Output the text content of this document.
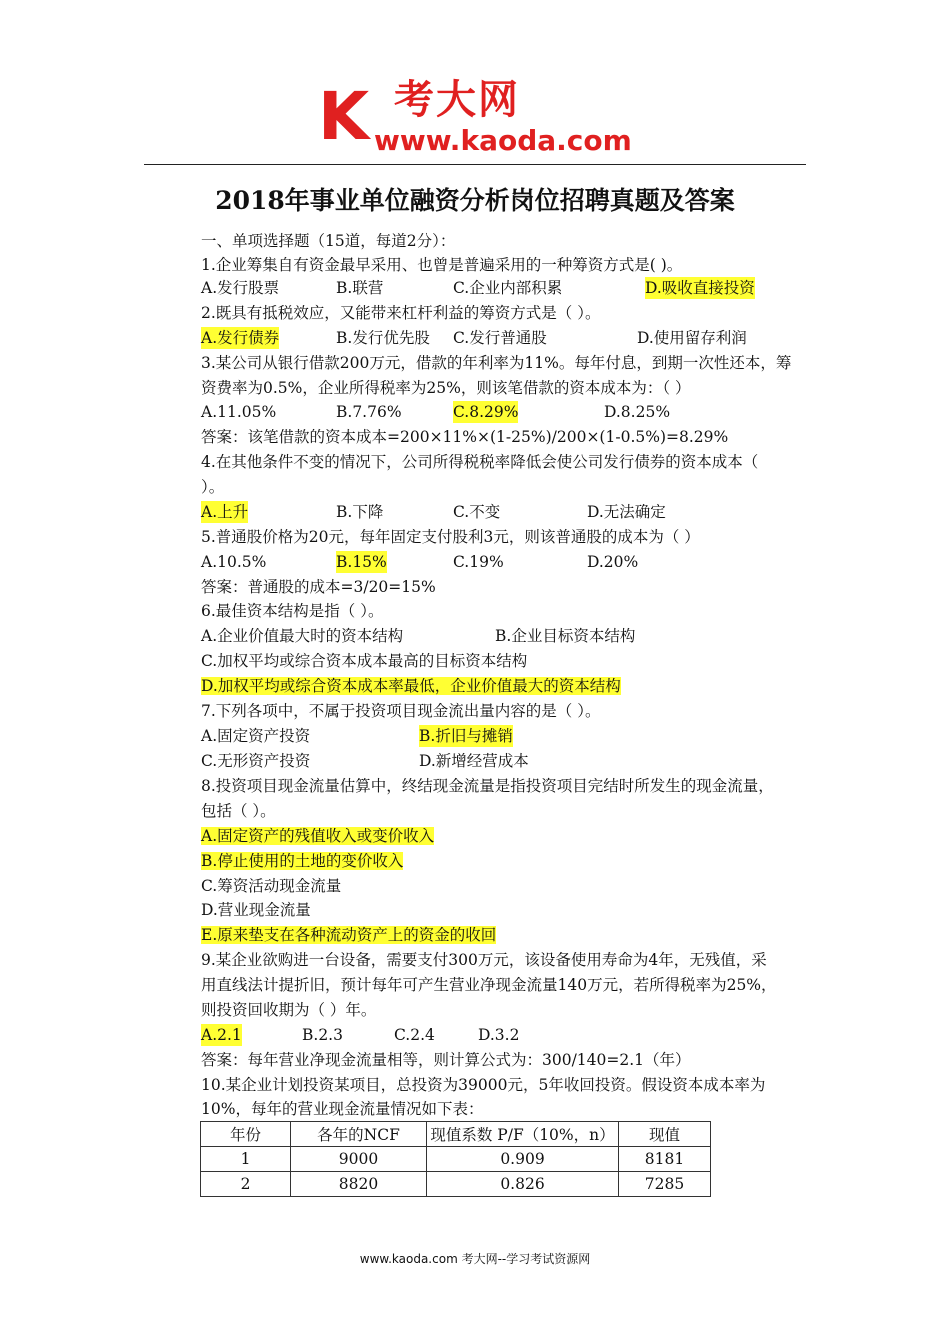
K 考大网
www.kaoda.com
2018年事业单位融资分析岗位招聘真题及答案
一、单项选择题（15道，每道2分）：
1.企业筹集自有资金最早采用、也曾是普遍采用的一种筹资方式是( )。
A.发行股票	B.联营	C.企业内部积累	D.吸收直接投资
2.既具有抵税效应，又能带来杠杆利益的筹资方式是（ ）。
A.发行债券	B.发行优先股 C.发行普通股	D.使用留存利润
3.某公司从银行借款200万元，借款的年利率为11%。每年付息，到期一次性还本，筹
资费率为0.5%，企业所得税率为25%，则该笔借款的资本成本为：（ ）
A.11.05%	B.7.76%	C.8.29%	D.8.25%
答案：该笔借款的资本成本=200×11%×(1-25%)/200×(1-0.5%)=8.29%
4.在其他条件不变的情况下，公司所得税税率降低会使公司发行债券的资本成本（
）。
A.上升	B.下降	C.不变	D.无法确定
5.普通股价格为20元，每年固定支付股利3元，则该普通股的成本为（ ）
A.10.5%	B.15%	C.19%	D.20%
答案：普通股的成本=3/20=15%
6.最佳资本结构是指（ ）。
A.企业价值最大时的资本结构	B.企业目标资本结构
C.加权平均或综合资本成本最高的目标资本结构
D.加权平均或综合资本成本率最低，企业价值最大的资本结构
7.下列各项中，不属于投资项目现金流出量内容的是（ ）。
A.固定资产投资	B.折旧与摊销
C.无形资产投资	D.新增经营成本
8.投资项目现金流量估算中，终结现金流量是指投资项目完结时所发生的现金流量，
包括（ ）。
A.固定资产的残值收入或变价收入
B.停止使用的土地的变价收入
C.筹资活动现金流量
D.营业现金流量
E.原来垫支在各种流动资产上的资金的收回
9.某企业欲购进一台设备，需要支付300万元，该设备使用寿命为4年，无残值，采
用直线法计提折旧，预计每年可产生营业净现金流量140万元，若所得税率为25%，
则投资回收期为（ ）年。
A.2.1	B.2.3	C.2.4	D.3.2
答案：每年营业净现金流量相等，则计算公式为：300/140=2.1（年）
10.某企业计划投资某项目，总投资为39000元，5年收回投资。假设资本成本率为
10%，每年的营业现金流量情况如下表：
年份	各年的NCF	现值系数 P/F（10%，n）	现值
1	9000	0.909	8181
2	8820	0.826	7285
www.kaoda.com 考大网--学习考试资源网
